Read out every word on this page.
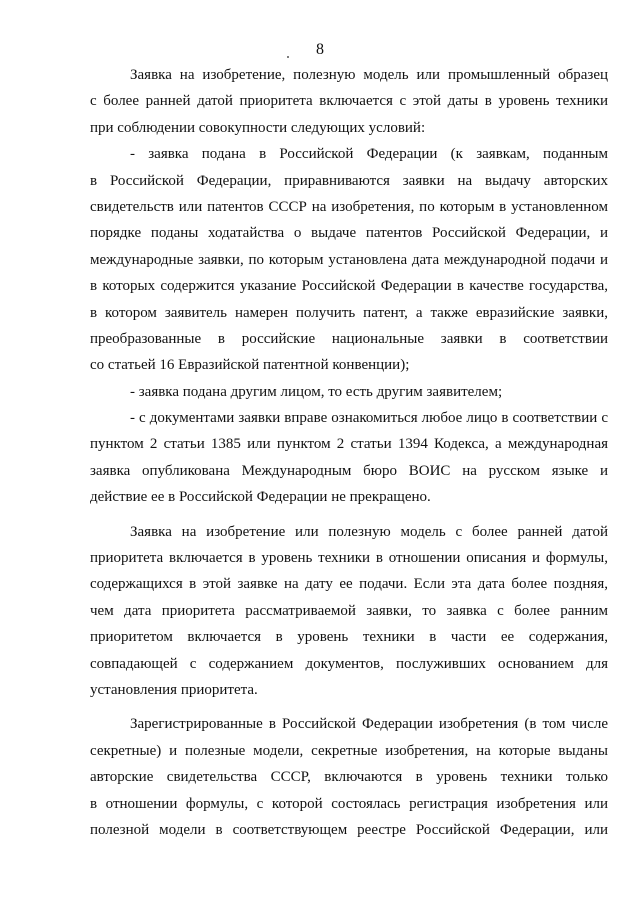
8
Заявка на изобретение, полезную модель или промышленный образец
с более ранней датой приоритета включается с этой даты в уровень техники
при соблюдении совокупности следующих условий:
- заявка подана в Российской Федерации (к заявкам, поданным
в Российской Федерации, приравниваются заявки на выдачу авторских
свидетельств или патентов СССР на изобретения, по которым в установленном
порядке поданы ходатайства о выдаче патентов Российской Федерации, и
международные заявки, по которым установлена дата международной подачи и
в которых содержится указание Российской Федерации в качестве государства,
в котором заявитель намерен получить патент, а также евразийские заявки,
преобразованные в российские национальные заявки в соответствии
со статьей 16 Евразийской патентной конвенции);
- заявка подана другим лицом, то есть другим заявителем;
- с документами заявки вправе ознакомиться любое лицо в соответствии с
пунктом 2 статьи 1385 или пунктом 2 статьи 1394 Кодекса, а международная
заявка опубликована Международным бюро ВОИС на русском языке и
действие ее в Российской Федерации не прекращено.
Заявка на изобретение или полезную модель с более ранней датой
приоритета включается в уровень техники в отношении описания и формулы,
содержащихся в этой заявке на дату ее подачи. Если эта дата более поздняя,
чем дата приоритета рассматриваемой заявки, то заявка с более ранним
приоритетом включается в уровень техники в части ее содержания,
совпадающей с содержанием документов, послуживших основанием для
установления приоритета.
Зарегистрированные в Российской Федерации изобретения (в том числе
секретные) и полезные модели, секретные изобретения, на которые выданы
авторские свидетельства СССР, включаются в уровень техники только
в отношении формулы, с которой состоялась регистрация изобретения или
полезной модели в соответствующем реестре Российской Федерации, или
